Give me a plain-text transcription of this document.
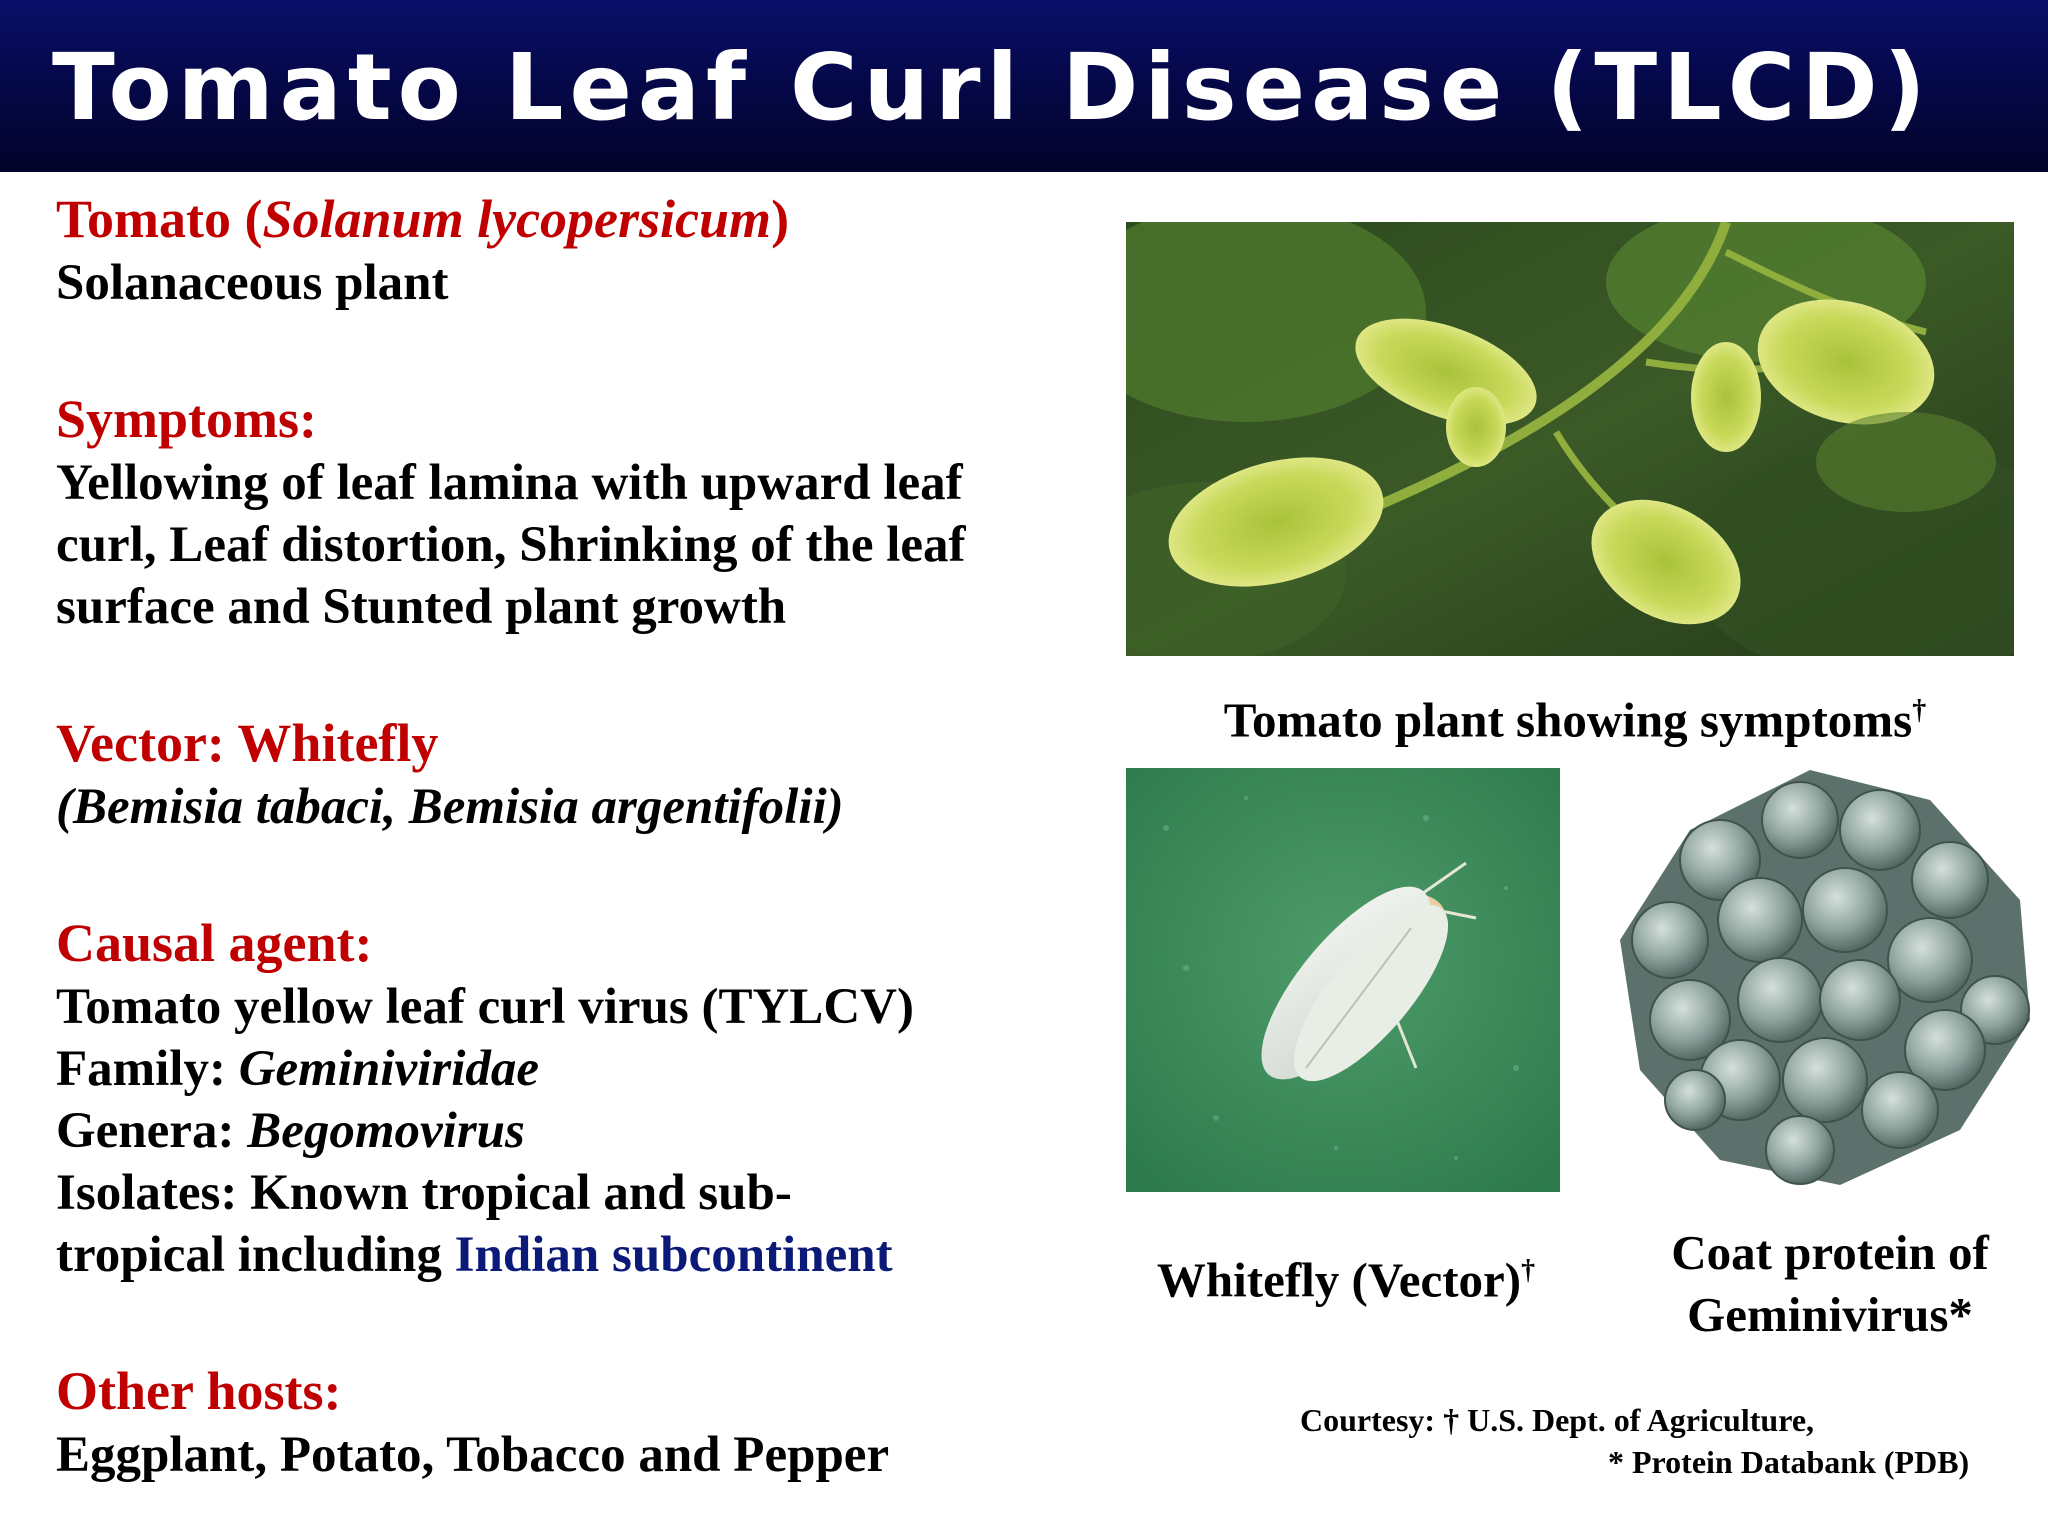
Tomato Leaf Curl Disease (TLCD)

Tomato (Solanum lycopersicum)

Solanaceous plant

Symptoms:

Yellowing of leaf lamina with upward leaf

curl, Leaf distortion, Shrinking of the leaf

surface and Stunted plant growth

Vector: Whitefly

(Bemisia tabaci, Bemisia argentifolii)

Causal agent:

Tomato yellow leaf curl virus (TYLCV)

Family: Geminiviridae

Genera: Begomovirus

Isolates: Known tropical and sub-

tropical including Indian subcontinent

Other hosts:

Eggplant, Potato, Tobacco and Pepper

Tomato plant showing symptoms†

Whitefly (Vector)†	Coat protein of
Geminivirus*

Courtesy: † U.S. Dept. of Agriculture,

* Protein Databank (PDB)
